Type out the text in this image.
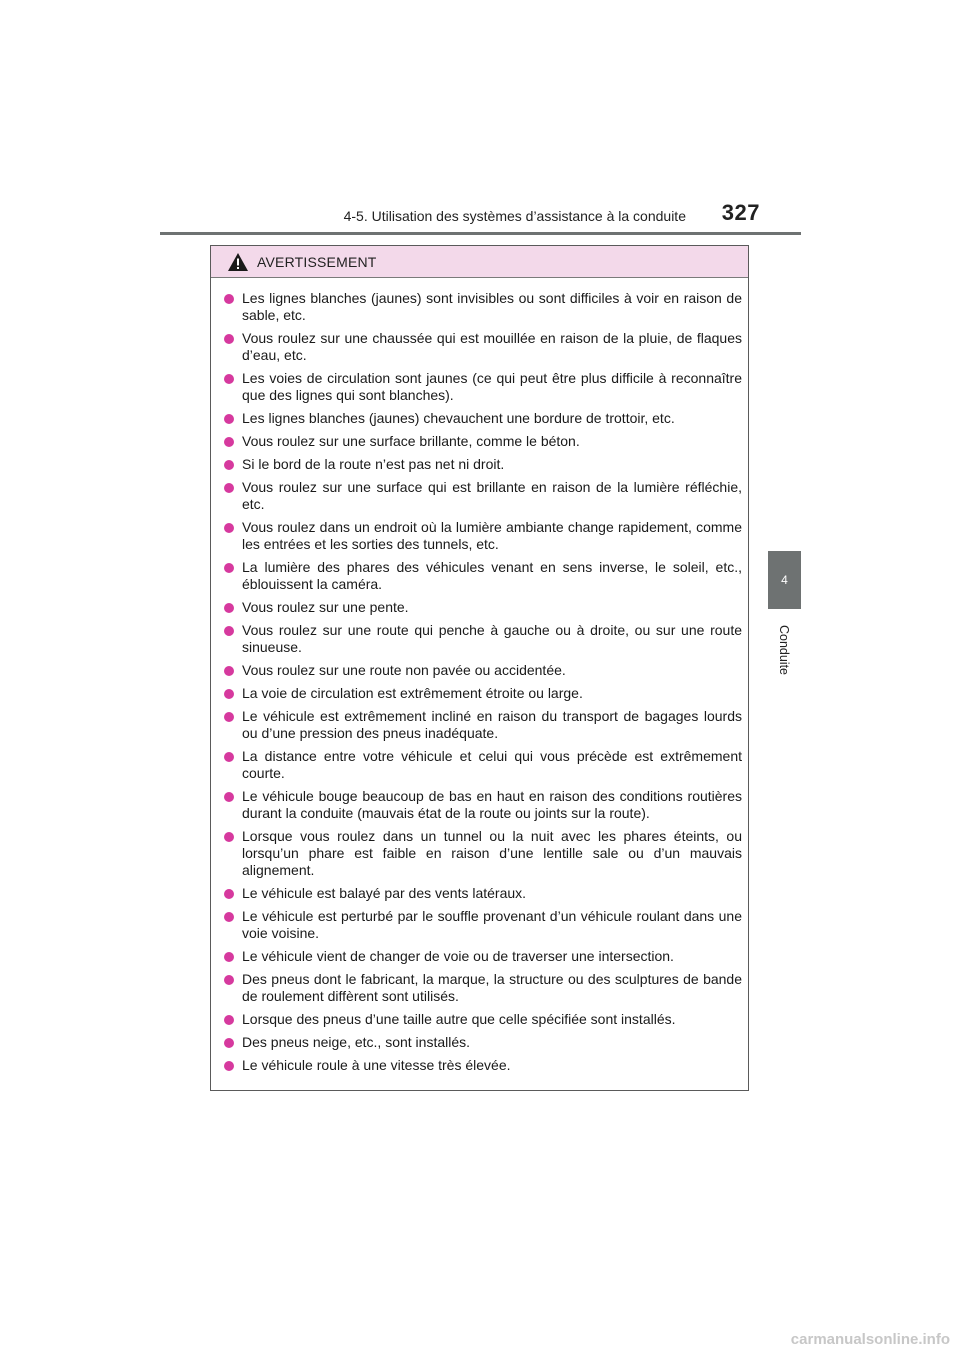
4-5. Utilisation des systèmes d’assistance à la conduite	327
4
Conduite
AVERTISSEMENT
Les lignes blanches (jaunes) sont invisibles ou sont difficiles à voir en raison de sable, etc.
Vous roulez sur une chaussée qui est mouillée en raison de la pluie, de flaques d’eau, etc.
Les voies de circulation sont jaunes (ce qui peut être plus difficile à reconnaître que des lignes qui sont blanches).
Les lignes blanches (jaunes) chevauchent une bordure de trottoir, etc.
Vous roulez sur une surface brillante, comme le béton.
Si le bord de la route n’est pas net ni droit.
Vous roulez sur une surface qui est brillante en raison de la lumière réfléchie, etc.
Vous roulez dans un endroit où la lumière ambiante change rapidement, comme les entrées et les sorties des tunnels, etc.
La lumière des phares des véhicules venant en sens inverse, le soleil, etc., éblouissent la caméra.
Vous roulez sur une pente.
Vous roulez sur une route qui penche à gauche ou à droite, ou sur une route sinueuse.
Vous roulez sur une route non pavée ou accidentée.
La voie de circulation est extrêmement étroite ou large.
Le véhicule est extrêmement incliné en raison du transport de bagages lourds ou d’une pression des pneus inadéquate.
La distance entre votre véhicule et celui qui vous précède est extrêmement courte.
Le véhicule bouge beaucoup de bas en haut en raison des conditions routières durant la conduite (mauvais état de la route ou joints sur la route).
Lorsque vous roulez dans un tunnel ou la nuit avec les phares éteints, ou lorsqu’un phare est faible en raison d’une lentille sale ou d’un mauvais alignement.
Le véhicule est balayé par des vents latéraux.
Le véhicule est perturbé par le souffle provenant d’un véhicule roulant dans une voie voisine.
Le véhicule vient de changer de voie ou de traverser une intersection.
Des pneus dont le fabricant, la marque, la structure ou des sculptures de bande de roulement diffèrent sont utilisés.
Lorsque des pneus d’une taille autre que celle spécifiée sont installés.
Des pneus neige, etc., sont installés.
Le véhicule roule à une vitesse très élevée.
carmanualsonline.info
